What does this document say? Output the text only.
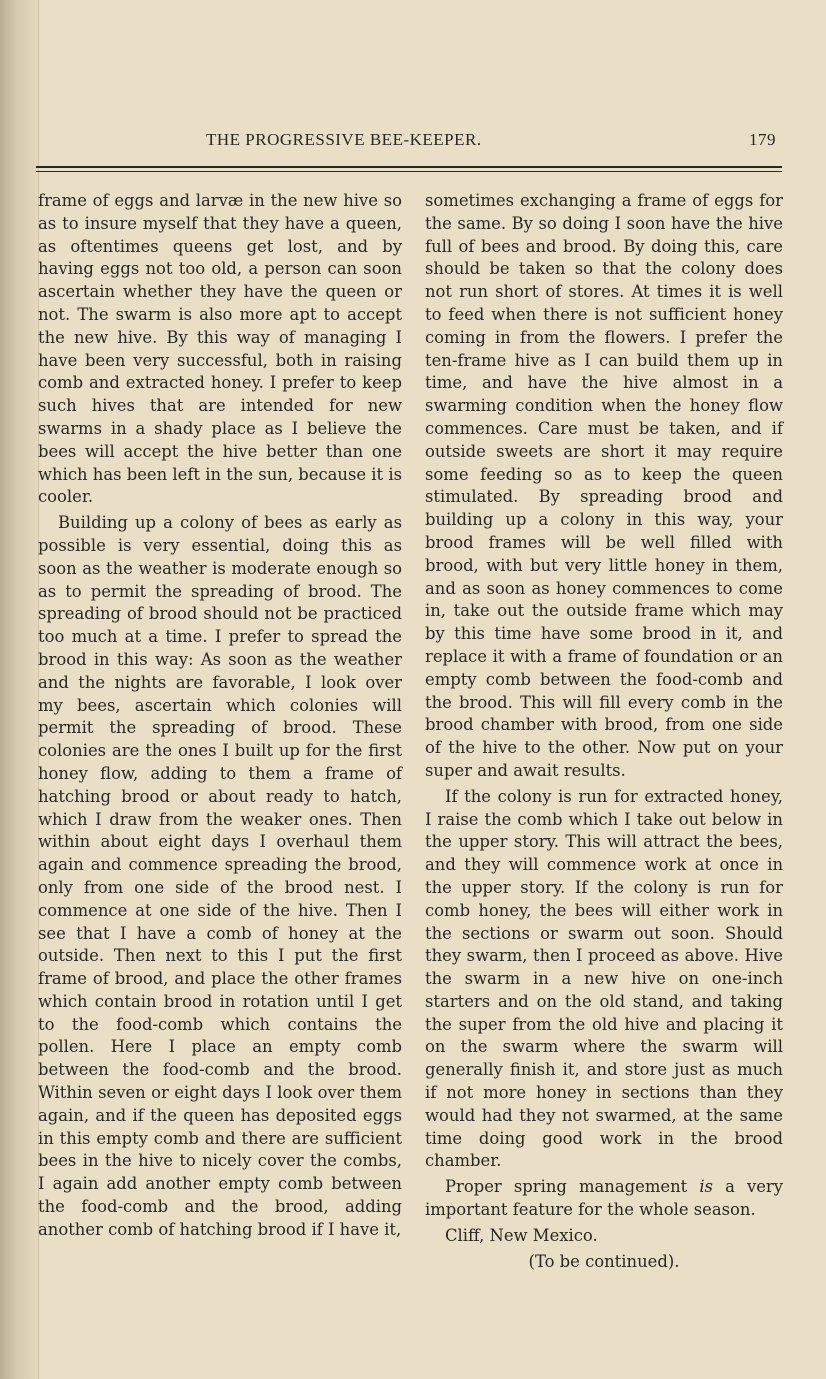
THE PROGRESSIVE BEE-KEEPER.	179

frame of eggs and larvæ in the new hive so as to insure myself that they have a queen, as oftentimes queens get lost, and by having eggs not too old, a person can soon ascertain whether they have the queen or not. The swarm is also more apt to accept the new hive. By this way of managing I have been very successful, both in raising comb and extracted honey. I prefer to keep such hives that are intended for new swarms in a shady place as I believe the bees will accept the hive better than one which has been left in the sun, because it is cooler.

Building up a colony of bees as early as possible is very essential, doing this as soon as the weather is moderate enough so as to permit the spreading of brood. The spreading of brood should not be practiced too much at a time. I prefer to spread the brood in this way: As soon as the weather and the nights are favorable, I look over my bees, ascertain which colonies will permit the spreading of brood. These colonies are the ones I built up for the first honey flow, adding to them a frame of hatching brood or about ready to hatch, which I draw from the weaker ones. Then within about eight days I overhaul them again and commence spreading the brood, only from one side of the brood nest. I commence at one side of the hive. Then I see that I have a comb of honey at the outside. Then next to this I put the first frame of brood, and place the other frames which contain brood in rotation until I get to the food-comb which contains the pollen. Here I place an empty comb between the food-comb and the brood. Within seven or eight days I look over them again, and if the queen has deposited eggs in this empty comb and there are sufficient bees in the hive to nicely cover the combs, I again add another empty comb between the food-comb and the brood, adding another comb of hatching brood if I have it,

sometimes exchanging a frame of eggs for the same. By so doing I soon have the hive full of bees and brood. By doing this, care should be taken so that the colony does not run short of stores. At times it is well to feed when there is not sufficient honey coming in from the flowers. I prefer the ten-frame hive as I can build them up in time, and have the hive almost in a swarming condition when the honey flow commences. Care must be taken, and if outside sweets are short it may require some feeding so as to keep the queen stimulated. By spreading brood and building up a colony in this way, your brood frames will be well filled with brood, with but very little honey in them, and as soon as honey commences to come in, take out the outside frame which may by this time have some brood in it, and replace it with a frame of foundation or an empty comb between the food-comb and the brood. This will fill every comb in the brood chamber with brood, from one side of the hive to the other. Now put on your super and await results.

If the colony is run for extracted honey, I raise the comb which I take out below in the upper story. This will attract the bees, and they will commence work at once in the upper story. If the colony is run for comb honey, the bees will either work in the sections or swarm out soon. Should they swarm, then I proceed as above. Hive the swarm in a new hive on one-inch starters and on the old stand, and taking the super from the old hive and placing it on the swarm where the swarm will generally finish it, and store just as much if not more honey in sections than they would had they not swarmed, at the same time doing good work in the brood chamber.

Proper spring management is a very important feature for the whole season.

Cliff, New Mexico.

(To be continued).
